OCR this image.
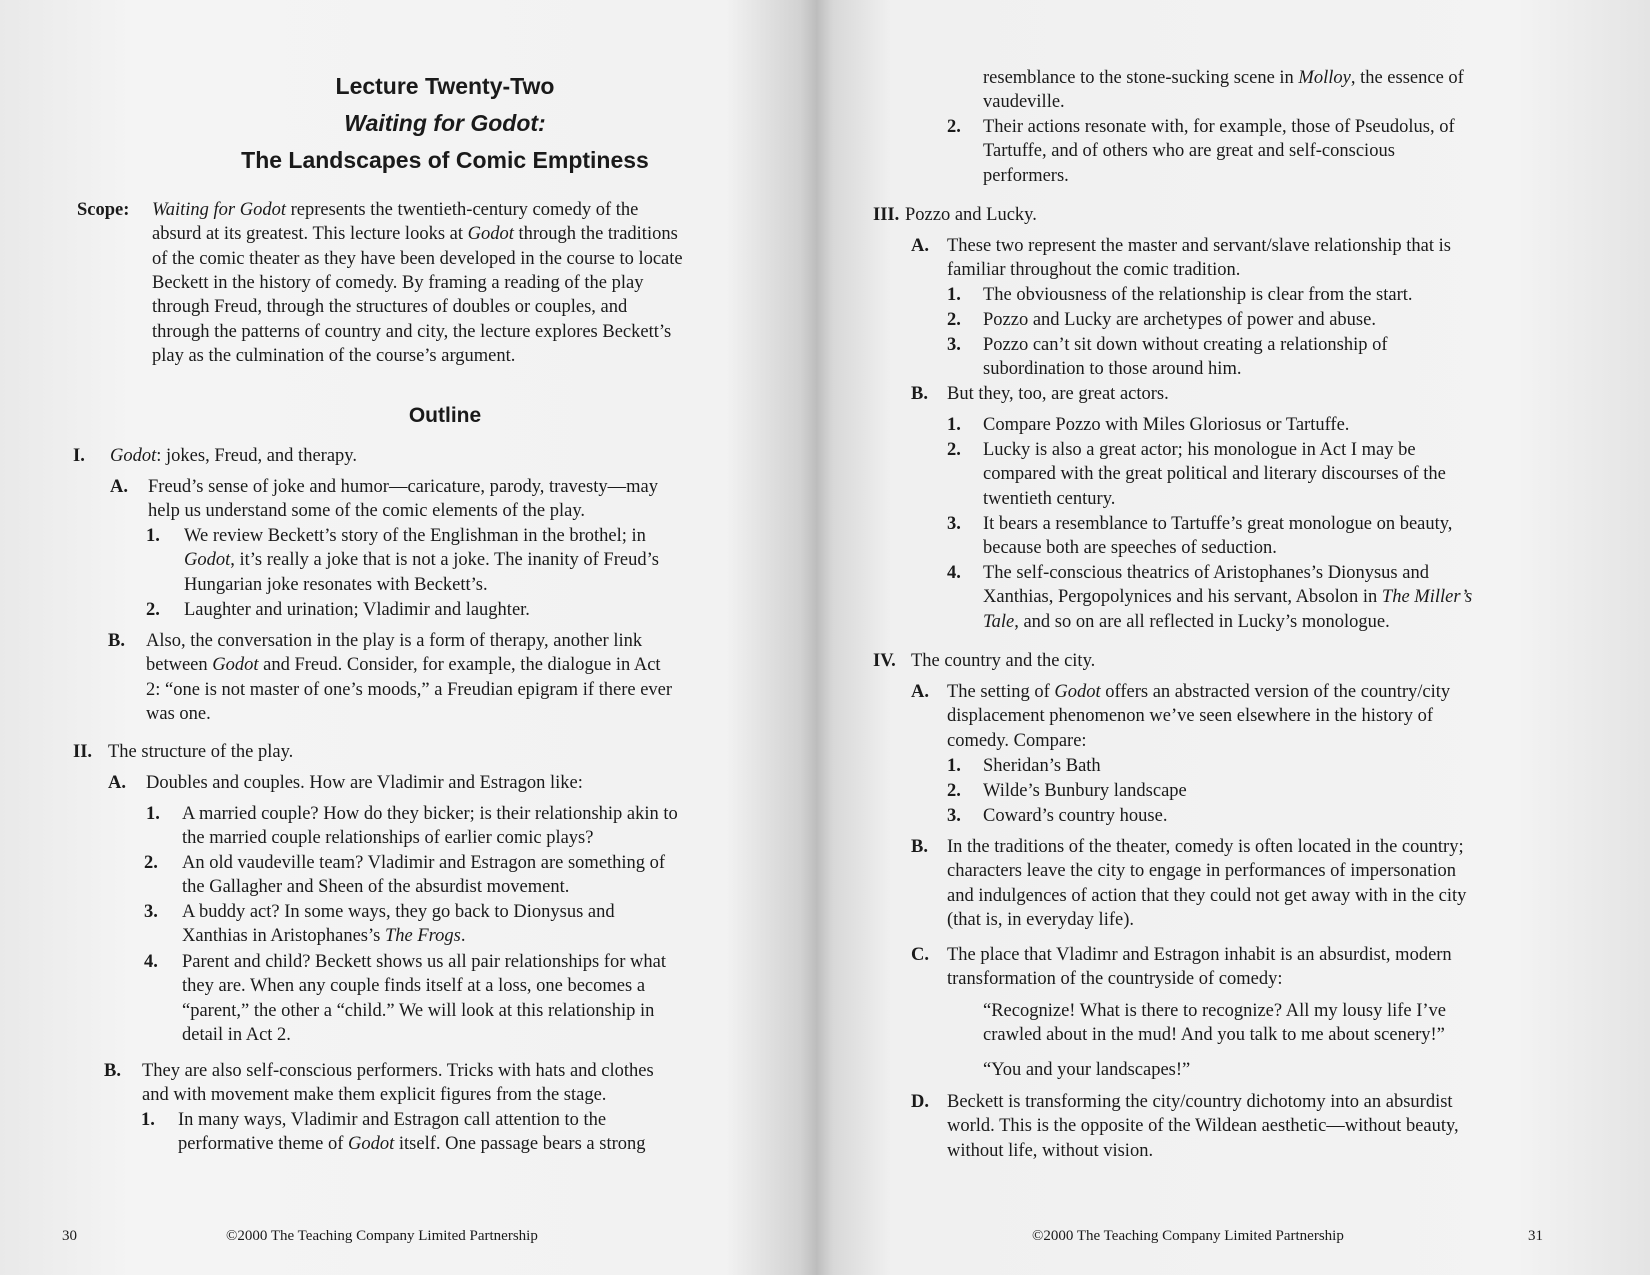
Lecture Twenty-Two
Waiting for Godot:
The Landscapes of Comic Emptiness
Scope: Waiting for Godot represents the twentieth-century comedy of the
absurd at its greatest. This lecture looks at Godot through the traditions
of the comic theater as they have been developed in the course to locate
Beckett in the history of comedy. By framing a reading of the play
through Freud, through the structures of doubles or couples, and
through the patterns of country and city, the lecture explores Beckett’s
play as the culmination of the course’s argument.
Outline
I. Godot: jokes, Freud, and therapy.
A. Freud’s sense of joke and humor—caricature, parody, travesty—may
help us understand some of the comic elements of the play.
1. We review Beckett’s story of the Englishman in the brothel; in
Godot, it’s really a joke that is not a joke. The inanity of Freud’s
Hungarian joke resonates with Beckett’s.
2. Laughter and urination; Vladimir and laughter.
B. Also, the conversation in the play is a form of therapy, another link
between Godot and Freud. Consider, for example, the dialogue in Act
2: “one is not master of one’s moods,” a Freudian epigram if there ever
was one.
II. The structure of the play.
A. Doubles and couples. How are Vladimir and Estragon like:
1. A married couple? How do they bicker; is their relationship akin to
the married couple relationships of earlier comic plays?
2. An old vaudeville team? Vladimir and Estragon are something of
the Gallagher and Sheen of the absurdist movement.
3. A buddy act? In some ways, they go back to Dionysus and
Xanthias in Aristophanes’s The Frogs.
4. Parent and child? Beckett shows us all pair relationships for what
they are. When any couple finds itself at a loss, one becomes a
“parent,” the other a “child.” We will look at this relationship in
detail in Act 2.
B. They are also self-conscious performers. Tricks with hats and clothes
and with movement make them explicit figures from the stage.
1. In many ways, Vladimir and Estragon call attention to the
performative theme of Godot itself. One passage bears a strong
30	©2000 The Teaching Company Limited Partnership
resemblance to the stone-sucking scene in Molloy, the essence of
vaudeville.
2. Their actions resonate with, for example, those of Pseudolus, of
Tartuffe, and of others who are great and self-conscious
performers.
III. Pozzo and Lucky.
A. These two represent the master and servant/slave relationship that is
familiar throughout the comic tradition.
1. The obviousness of the relationship is clear from the start.
2. Pozzo and Lucky are archetypes of power and abuse.
3. Pozzo can’t sit down without creating a relationship of
subordination to those around him.
B. But they, too, are great actors.
1. Compare Pozzo with Miles Gloriosus or Tartuffe.
2. Lucky is also a great actor; his monologue in Act I may be
compared with the great political and literary discourses of the
twentieth century.
3. It bears a resemblance to Tartuffe’s great monologue on beauty,
because both are speeches of seduction.
4. The self-conscious theatrics of Aristophanes’s Dionysus and
Xanthias, Pergopolynices and his servant, Absolon in The Miller’s
Tale, and so on are all reflected in Lucky’s monologue.
IV. The country and the city.
A. The setting of Godot offers an abstracted version of the country/city
displacement phenomenon we’ve seen elsewhere in the history of
comedy. Compare:
1. Sheridan’s Bath
2. Wilde’s Bunbury landscape
3. Coward’s country house.
B. In the traditions of the theater, comedy is often located in the country;
characters leave the city to engage in performances of impersonation
and indulgences of action that they could not get away with in the city
(that is, in everyday life).
C. The place that Vladimr and Estragon inhabit is an absurdist, modern
transformation of the countryside of comedy:
“Recognize! What is there to recognize? All my lousy life I’ve
crawled about in the mud! And you talk to me about scenery!”
“You and your landscapes!”
D. Beckett is transforming the city/country dichotomy into an absurdist
world. This is the opposite of the Wildean aesthetic—without beauty,
without life, without vision.
©2000 The Teaching Company Limited Partnership	31
